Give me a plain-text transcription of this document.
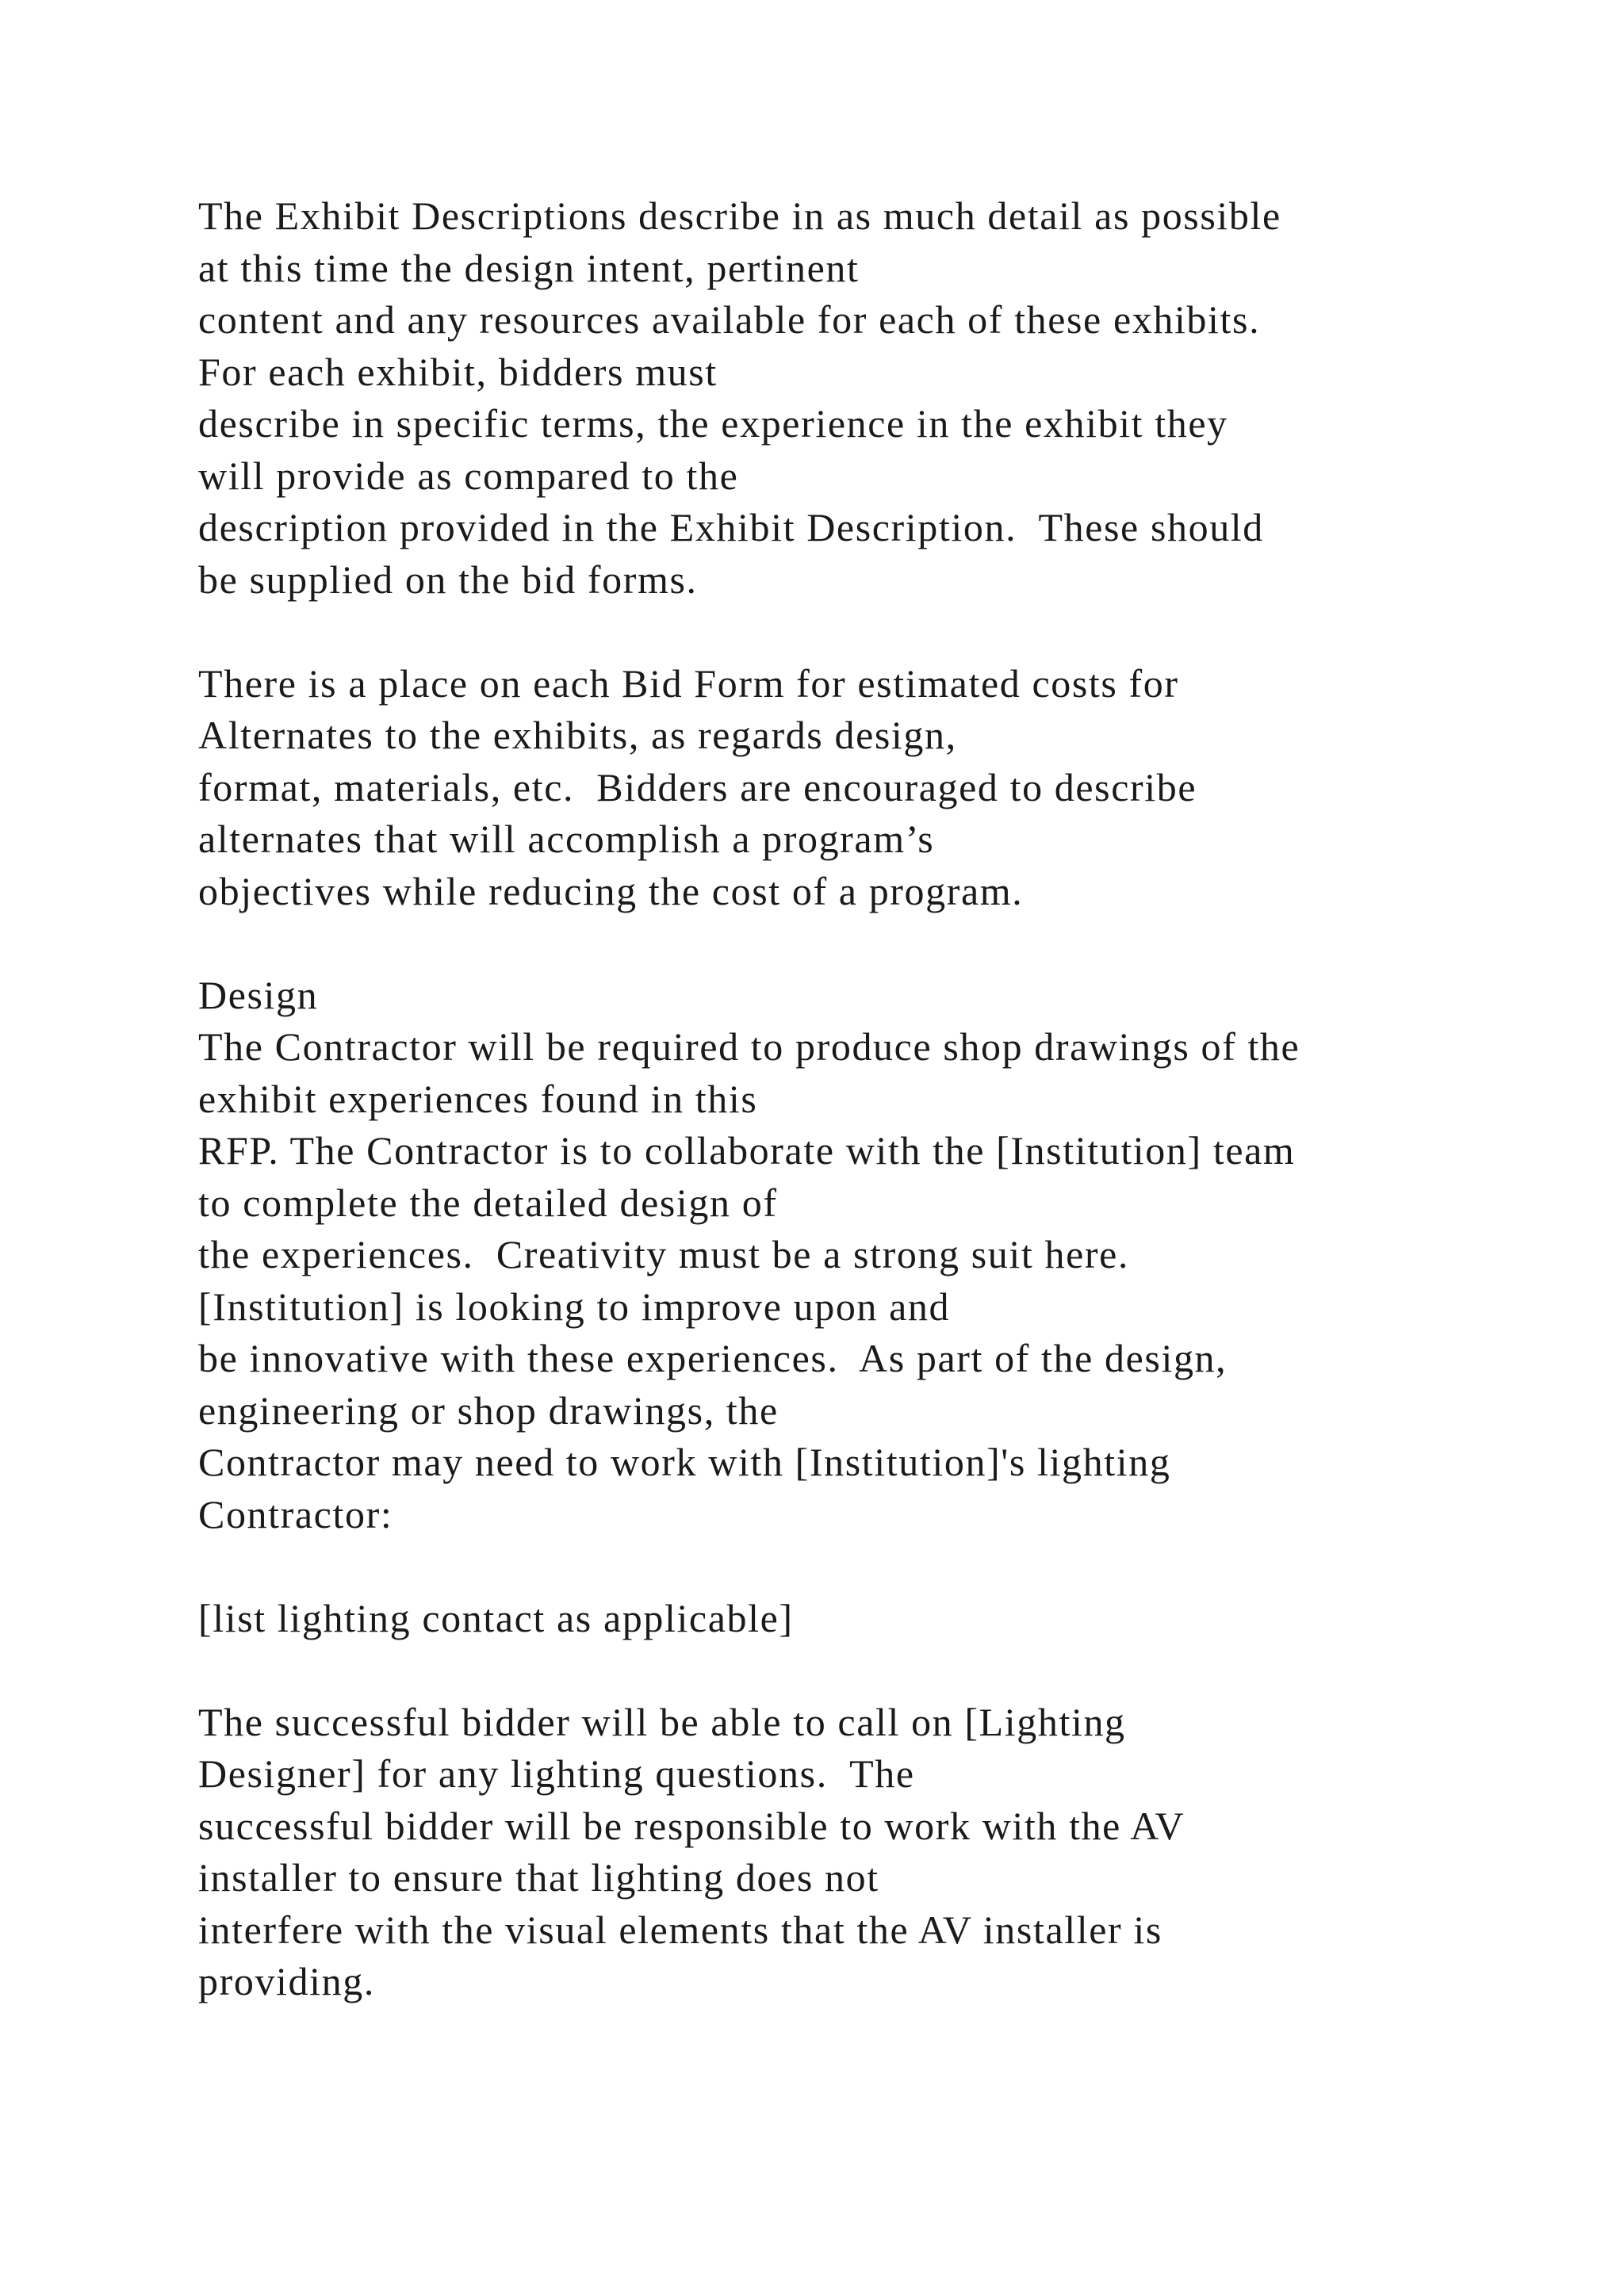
The Exhibit Descriptions describe in as much detail as possible
at this time the design intent, pertinent
content and any resources available for each of these exhibits.
For each exhibit, bidders must
describe in specific terms, the experience in the exhibit they
will provide as compared to the
description provided in the Exhibit Description.  These should
be supplied on the bid forms.
There is a place on each Bid Form for estimated costs for
Alternates to the exhibits, as regards design,
format, materials, etc.  Bidders are encouraged to describe
alternates that will accomplish a program’s
objectives while reducing the cost of a program.
Design
The Contractor will be required to produce shop drawings of the
exhibit experiences found in this
RFP. The Contractor is to collaborate with the [Institution] team
to complete the detailed design of
the experiences.  Creativity must be a strong suit here.
[Institution] is looking to improve upon and
be innovative with these experiences.  As part of the design,
engineering or shop drawings, the
Contractor may need to work with [Institution]'s lighting
Contractor:
[list lighting contact as applicable]
The successful bidder will be able to call on [Lighting
Designer] for any lighting questions.  The
successful bidder will be responsible to work with the AV
installer to ensure that lighting does not
interfere with the visual elements that the AV installer is
providing.
